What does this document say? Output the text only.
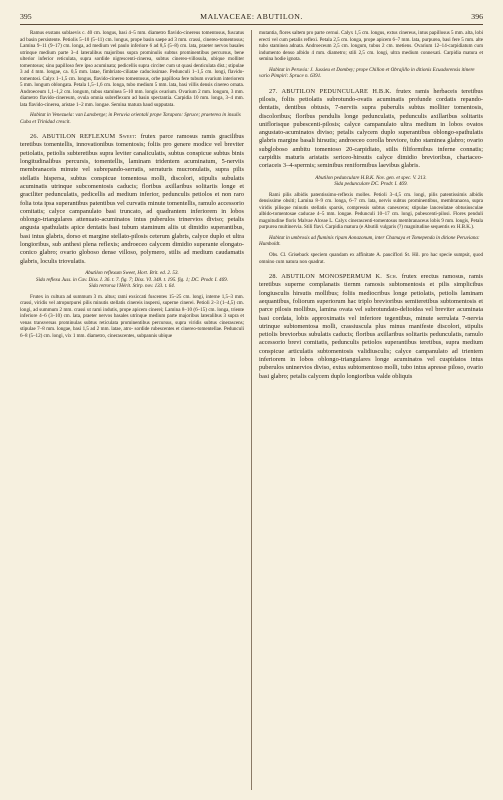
395	MALVACEAE: ABUTILON.	396

Ramus exstans sublaevis c. 40 cm. longus, basi 4–5 mm. diametro flavido-cinereus tomentosus, fuscatus ad basin persistente. Petiolis 5–10 (5–11) cm. longus, prope basin saepe ad 3 mm. crassi, cinereo-tomentosus; Lamina 9–11 (9–17) cm. longa, ad medium vel paulo inferiore 6 ad 8,5 (5–8) cm. lata, praeter nervos basales utrinque medium parte 3–4 lateralibus majoribus supra prominulis subtus prominentibus percursus, bene ulterior inferior reticulata, supra sordide nigrescenti-cinerea, subtus cinereo-villosula, ubique molliter tomentosus; sinu papilloso fere ipso acuminata; pedicellis supra circiter cum ut quasi denticulata dist.; stipulae 3 ad 4 mm. longae, ca. 0,5 mm. latae, fimbriato-ciliatae caducissimae. Pedunculi 1–1,5 cm. longi, flavido-tomentosi. Calyx 1–1,5 cm. longus, flavido-cinereo tomentosus, orbe papillosa fere tubum ovarium interiorem 5 mm. longum oblongata. Petala 1,5–1,6 cm. longa, tubo medium 5 mm. lata, basi villis densis cinereo ornata. Androeceum 1,1–1,2 cm. longum, tubus staminea 5–10 mm. longis ovarium. Ovarium 2 mm. longum, 3 mm. diametro flavido-cinereum, ovula omnia subreflexum ad basin spectantia. Carpidia 10 mm. longa, 3–4 mm. lata flavido-cinerea, aristae 1–2 mm. longae. Semina matura haud supputata.

Habitat in Venezuela: van Lansberge; in Peruvia orientali prope Tarapoto: Spruce; praeterea in insulis Cuba et Trinidad crescit.

26. ABUTILON REFLEXUM Sweet: frutex parce ramosus ramis gracilibus teretibus tomentellis, innovationibus tomentosis; foliis pro genere modice vel breviter petiolatis, petiolis subteretibus supra leviter canaliculatis, subtus conspicue subtus binis longitudinalibus percursis, tomentellis, laminam tridentem acuminatum, 5-nerviis membranaceis minute vel subrepando-serratis, serraturis mucronulatis, supra pilis stellatis hispersa, subtus conspicue tomentosa molli, discolori, stipulis subulatis acuminatis utrinque subcomentosis caducis; floribus axillaribus solitariis longe et graciliter pedunculatis, pedicellis ad medium inferior, pedunculis petiolos et non raro folia tota ipsa superantibus patentibus vel curvatis minute tomentellis, ramulo accessorio comitatis; calyce campanulato basi truncato, ad quadrantem inferiorem in lobos oblongo-triangulares attenuato-acuminatos intus puberulos trinervios diviso; petalis angusta spathulatis apice dentatis basi tubum staminum aliis ut dimidio superantibus, basi intus glabris, dorso et margine stellato-pilosis ceterum glabris, calyce duplo et ultra longioribus, sub anthesi plena reflexis; androeceo calycem dimidio superante elongato-conico glabro; ovario globoso dense villoso, polymero, stilis ad medium caudamatis glabris, loculis triovulatis.

Abutilon reflexum Sweet, Hort. Brit. ed. 2. 53.

Sida reflexa Juss. in Cav. Diss. I. 36. t. 7. fig. 7; Diss. VI. 348. t. 195. fig. 1; DC. Prodr. I. 469.

Sida retrorsa l'Hérit. Stirp. nov. 133. t. 64.

Frutex in cultura ad summum 3 m. altus; rami exsiccati fuscentes 15–25 cm. longi, interne 1,5–3 mm. crassi, viridis vel atropurpurei pilis minutis stellatis cinereis inspersi, superne cinerei. Petioli 2–3 (1–4,5) cm. longi, ad summum 2 mm. crassi ut rami indutis, prope apicem cinerei; Lamina 8–10 (6–15) cm. longa, triente inferiore 4–6 (3–10) cm. lata, praeter nervos basales utrinque medium parte majoribus lateralibus 3 supra et venas transversas prominulas subtus reticulata prominentibus percursus, supra viridis subtus cinerascens; stipulae 7–8 mm. longae, basi 1,5 ad 2 mm. latae, atro- sordide rubescentes et cinereo-tomentellae. Pedunculi 6–8 (5–12) cm. longi, vix 1 mm. diametro, cinerascentes, subpannis ubique

mutantia, flores saltem pro parte cernui. Calyx 1,5 cm. longus, extus cinereus, intus papillosus 5 mm. alta, lobi erecti vel cum petalis reflexi. Petala 2,5 cm. longa, prope apicem 6–7 mm. lata, purpurea, basi fere 5 mm. alte tubo staminea adnata. Androeceum 2,5 cm. longum, tubus 2 cm. metiens. Ovarium 12–14-carpidiatum cum indumento denso albido 4 mm. diametro; stili 2,5 cm. longi, ultra medium connexati. Carpidia matura et semina hodie ignota.

Habitat in Peruvia: J. Jussieu et Dombey; prope Chillon et Obrajillo in ditionis Ecuadorensis itinere vario Pimpiri: Spruce n. 6391.

27. ABUTILON PEDUNCULARE H.B.K. frutex ramis herbaceis teretibus pilosis, foliis petiolatis subrotundo-ovatis acuminatis profunde cordatis repando-dentatis, dentibus obtusis, 7-nerviis supra puberulis subtus molliter tomentosis, discoloribus; floribus pendulis longe pedunculatis, pedunculis axillaribus solitariis uniflorisque pubescenti-pilosis; calyce campanulato ultra medium in lobos ovatos angustato-acuminatos diviso; petalis calycem duplo superantibus oblongo-spathulatis glabris margine basali hirsutis; androeceo corolla breviore, tubo staminea glabro; ovario subgloboso ambitu tomentoso 20-carpidiato, stilis filiformibus inferne connatis; carpidiis maturis aristatis sericeo-hirsutis calyce dimidio brevioribus, chartaceo-coriaceis 3–4-spermis; seminibus reniformibus laevibus glabris.

Abutilon pedunculare H.B.K. Nov. gen. et spec. V. 213.

Sida pedunculare DC. Prodr. I. 469.

Rami pilis albidis patentissimo-reflexis molles. Petioli 3–4,5 cm. longi, pilis patentissimis albidis densissime obsiti; Lamina 8–9 cm. longa, 6–7 cm. lata, nervis subtus prominentibus, membranacea, supra viridis pilisque minutis stellatis sparsis, compressis subtus canescens; stipulae lanceolatae obtusiusculae albido-tomentosae caducae 4–5 mm. longae. Pedunculi 10–17 cm. longi, pubescenti-pilosi. Flores penduli magnitudine floris Malvae Alceae L. Calyx cinerascenti-tomentosus membranaceus lobis 9 mm. longis, Petala purpurea multinervia. Stili flavi. Carpidia matura (e Abutili vulgaris (?) magnitudine sequentis ex H.B.K.).

Habitat in umbrosis ad fluminis ripam Aonazonum, inter Chamaya et Tomependa in ditione Peruviana: Humboldt.

Obs. Cl. Griseback speciem quandam ex affinitate A. pauciflori St. Hil. pro hac specie sumpsit, quod omnino cum natura non quadrat.

28. ABUTILON MONOSPERMUM K. Sch. frutex erectus ramosus, ramis teretibus superne complanatis tiernm ramosis subtomentosis et pilis simplicibus longiusculis hirsutis mollibus; foliis mediocribus longe petiolatis, petiolis laminam aequantibus, foliorum superiorum hac triplo brevioribus semiteretibus subtomentosis et parce pilosis mollibus, lamina ovata vel subrotundato-deltoidea vel breviter acuminata basi cordata, lobis approximatis vel inferiore tegentibus, minute serrulata 7-nervia utrinque subtomentosa molli, crassiuscula plus minus manifeste discolori, stipulis petiolis breviorbus subulatis caducis; floribus axillaribus solitariis pedunculatis, ramulo accessorio brevi comitatis, pedunculis petiolos superantibus teretibus, supra medium conspicue articulatis subtomentosis validiusculis; calyce campanulato ad trientem inferiorem in lobos oblongo-triangulares longe acuminatos vel cuspidatos intus puberulos uninervios diviso, extus subtomentoso molli, tubo intus apresse piloso, ovario basi glabro; petalis calycem duplo longioribus valde obliquis
